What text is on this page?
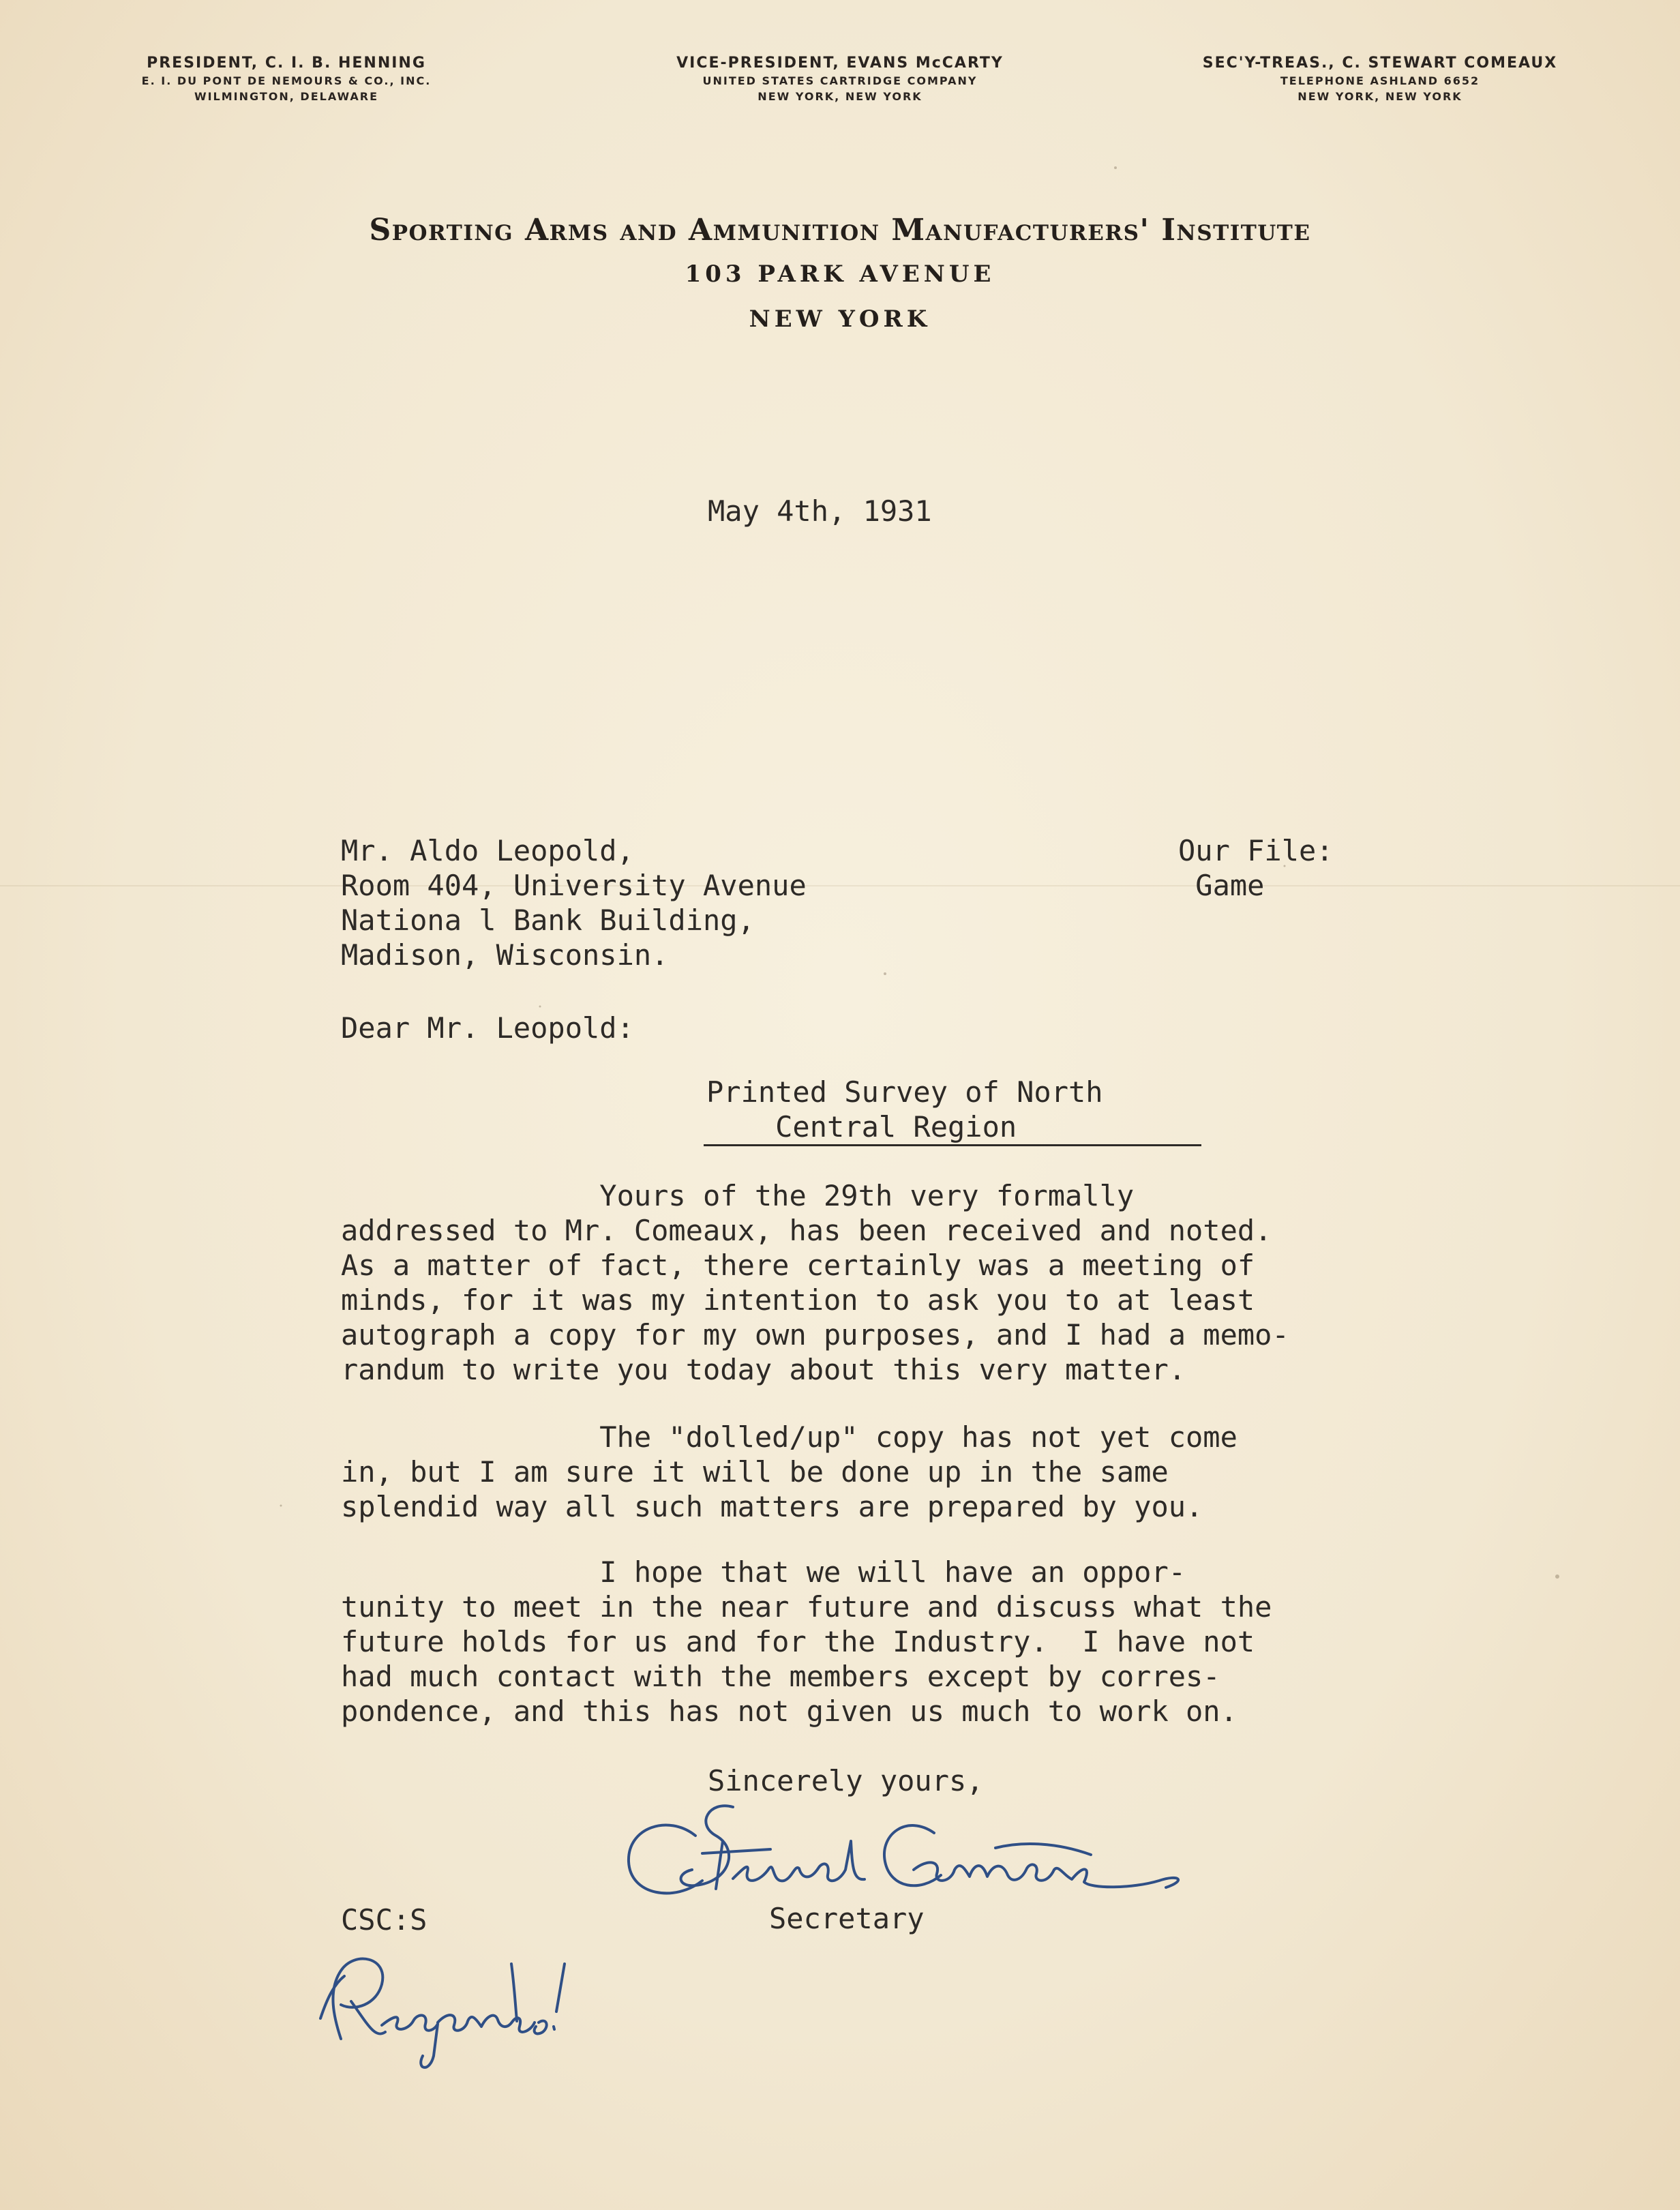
PRESIDENT, C. I. B. HENNING
E. I. DU PONT DE NEMOURS & CO., INC.
WILMINGTON, DELAWARE
VICE-PRESIDENT, EVANS McCARTY
UNITED STATES CARTRIDGE COMPANY
NEW YORK, NEW YORK
SEC'Y-TREAS., C. STEWART COMEAUX
TELEPHONE ASHLAND 6652
NEW YORK, NEW YORK
Sporting Arms and Ammunition Manufacturers' Institute
103 PARK AVENUE
NEW YORK
May 4th, 1931
Mr. Aldo Leopold,
Room 404, University Avenue
Nationa l Bank Building,
Madison, Wisconsin.
Our File:
Game
Dear Mr. Leopold:
Printed Survey of North
Central Region
Yours of the 29th very formally
addressed to Mr. Comeaux, has been received and noted.
As a matter of fact, there certainly was a meeting of
minds, for it was my intention to ask you to at least
autograph a copy for my own purposes, and I had a memo-
randum to write you today about this very matter.
The "dolled/up" copy has not yet come
in, but I am sure it will be done up in the same
splendid way all such matters are prepared by you.
I hope that we will have an oppor-
tunity to meet in the near future and discuss what the
future holds for us and for the Industry.  I have not
had much contact with the members except by corres-
pondence, and this has not given us much to work on.
Sincerely yours,
Secretary
CSC:S
